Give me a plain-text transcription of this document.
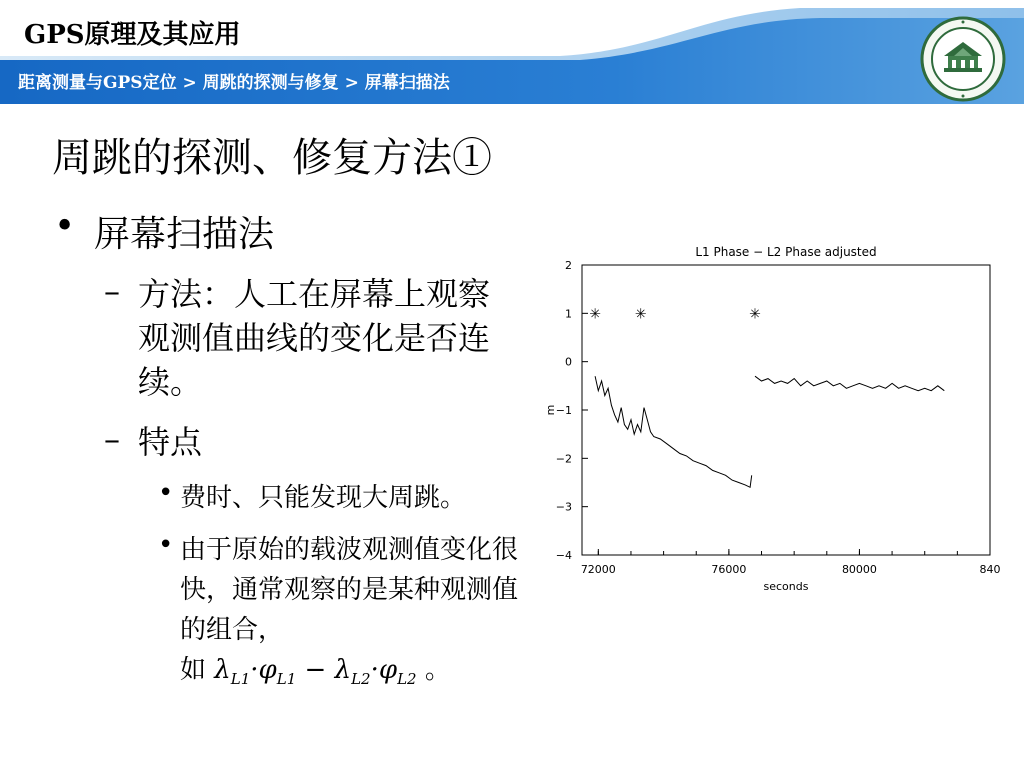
GPS原理及其应用
距离测量与GPS定位 > 周跳的探测与修复 > 屏幕扫描法
周跳的探测、修复方法①
• 屏幕扫描法
– 方法：人工在屏幕上观察观测值曲线的变化是否连续。
– 特点
• 费时、只能发现大周跳。
• 由于原始的载波观测值变化很快，通常观察的是某种观测值的组合，
如 $\lambda_{L1}\cdot\varphi_{L1} - \lambda_{L2}\cdot\varphi_{L2}$ 。
L1 Phase − L2 Phase adjusted
2
1
0
−1
−2
−3
−4
72000	76000	80000	840
seconds
m
✳ ✳	✳
